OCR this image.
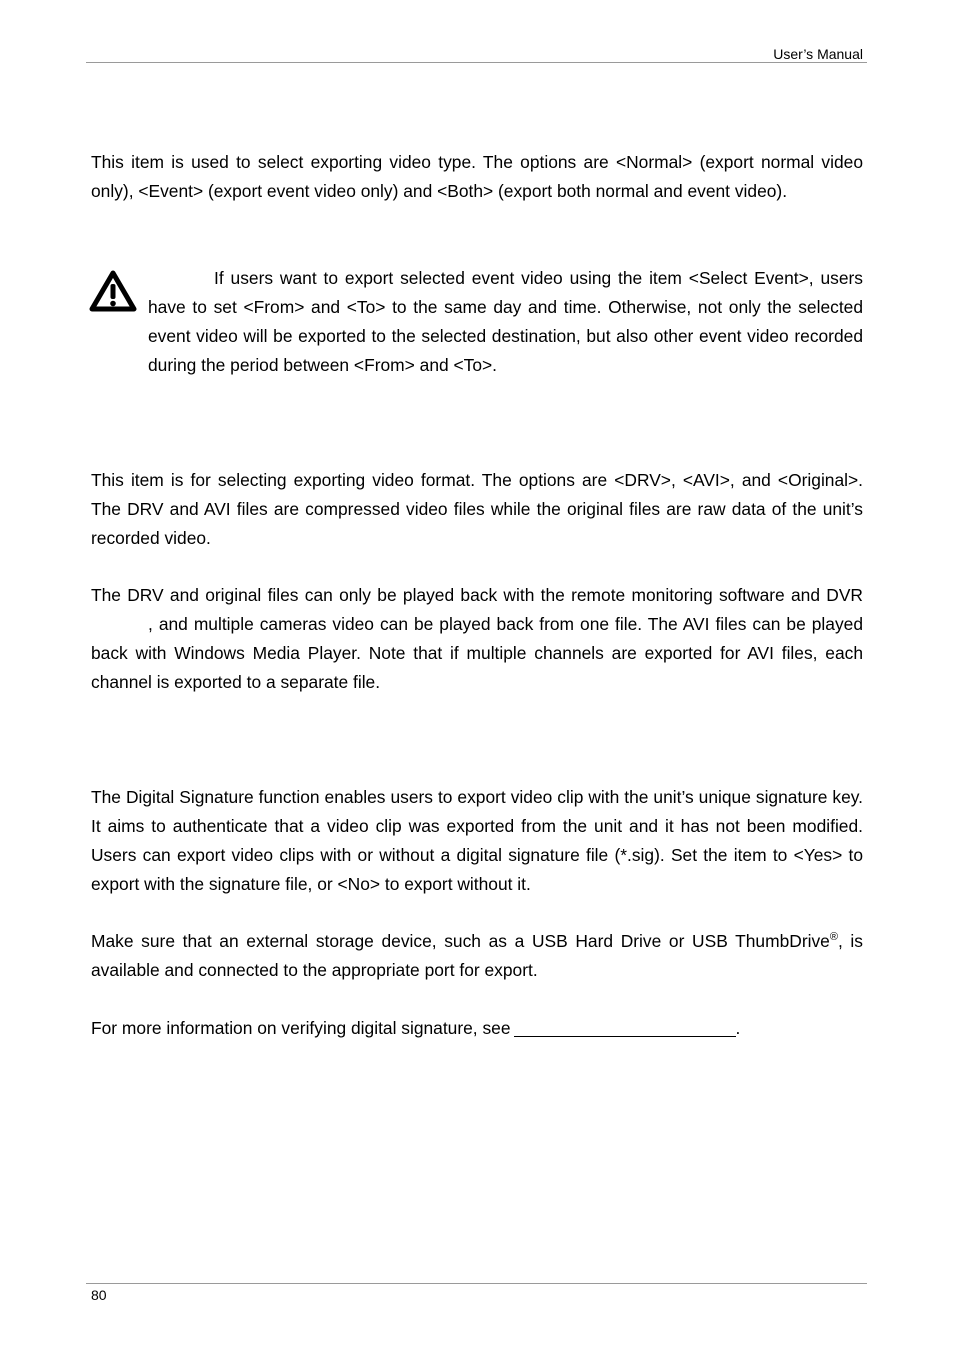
User’s Manual

This item is used to select exporting video type. The options are <Normal> (export normal video only), <Event> (export event video only) and <Both> (export both normal and event video).

If users want to export selected event video using the item <Select Event>, users have to set <From> and <To> to the same day and time. Otherwise, not only the selected event video will be exported to the selected destination, but also other event video recorded during the period between <From> and <To>.

This item is for selecting exporting video format. The options are <DRV>, <AVI>, and <Original>. The DRV and AVI files are compressed video files while the original files are raw data of the unit’s recorded video.

The DRV and original files can only be played back with the remote monitoring software and DVR, and multiple cameras video can be played back from one file. The AVI files can be played back with Windows Media Player. Note that if multiple channels are exported for AVI files, each channel is exported to a separate file.

The Digital Signature function enables users to export video clip with the unit’s unique signature key. It aims to authenticate that a video clip was exported from the unit and it has not been modified. Users can export video clips with or without a digital signature file (*.sig). Set the item to <Yes> to export with the signature file, or <No> to export without it.

Make sure that an external storage device, such as a USB Hard Drive or USB ThumbDrive®, is available and connected to the appropriate port for export.

For more information on verifying digital signature, see	.

80
